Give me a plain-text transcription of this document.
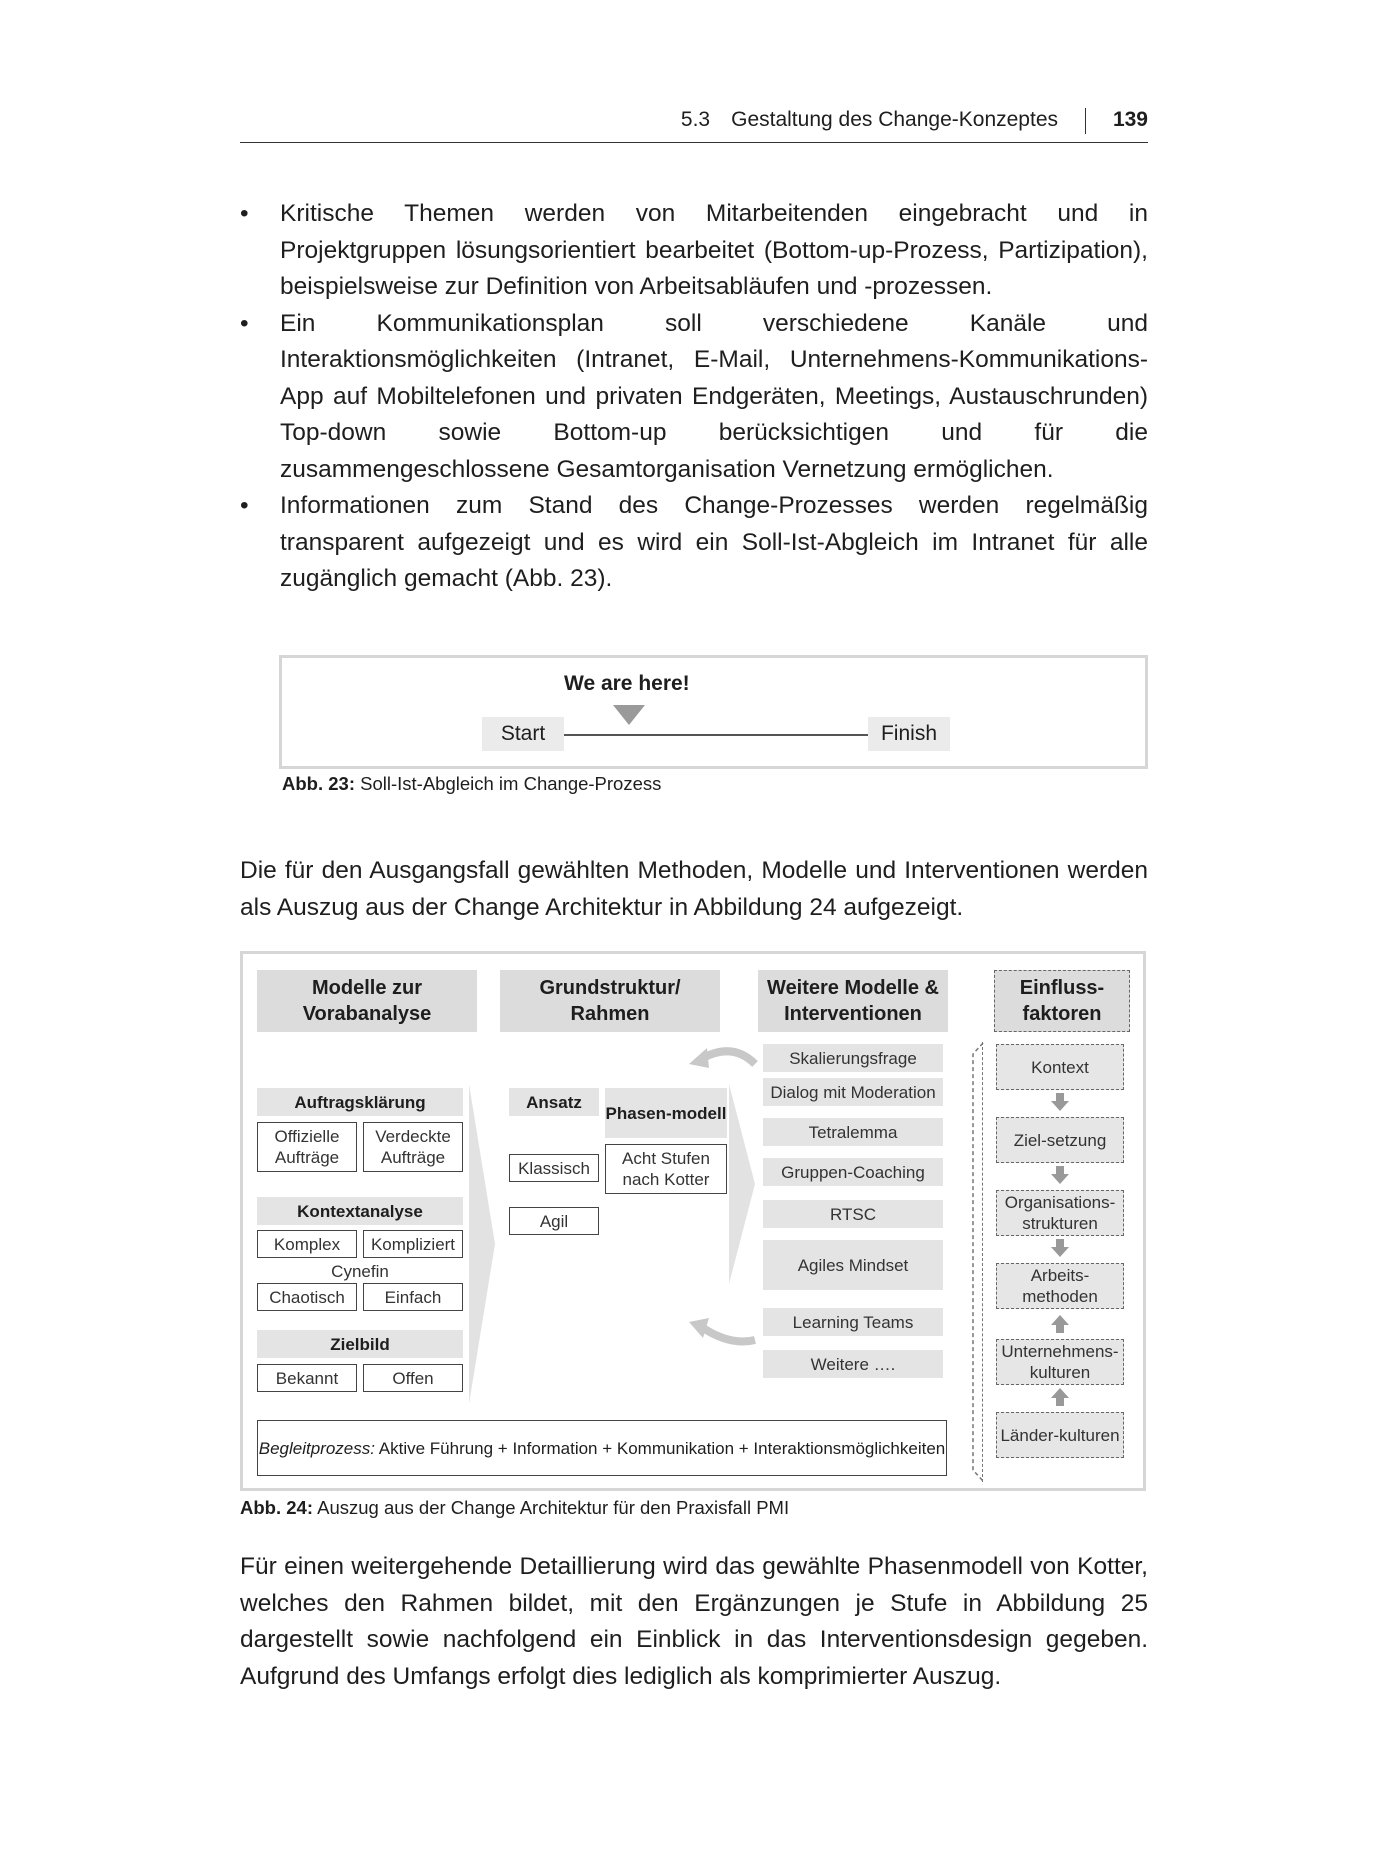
5.3 Gestaltung des Change-Konzeptes	139
• Kritische Themen werden von Mitarbeitenden eingebracht und in Projektgruppen lösungsorientiert bearbeitet (Bottom-up-Prozess, Partizipation), beispielsweise zur Definition von Arbeitsabläufen und -prozessen.
• Ein Kommunikationsplan soll verschiedene Kanäle und Interaktionsmöglichkeiten (Intranet, E-Mail, Unternehmens-Kommunikations-App auf Mobiltelefonen und privaten Endgeräten, Meetings, Austauschrunden) Top-down sowie Bottom-up berücksichtigen und für die zusammengeschlossene Gesamtorganisation Vernetzung ermöglichen.
• Informationen zum Stand des Change-Prozesses werden regelmäßig transparent aufgezeigt und es wird ein Soll-Ist-Abgleich im Intranet für alle zugänglich gemacht (Abb. 23).
We are here!
Start	Finish
Abb. 23: Soll-Ist-Abgleich im Change-Prozess
Die für den Ausgangsfall gewählten Methoden, Modelle und Interventionen werden als Auszug aus der Change Architektur in Abbildung 24 aufgezeigt.
Modelle zur Vorabanalyse
Grundstruktur/ Rahmen
Weitere Modelle & Interventionen
Einfluss-faktoren
Auftragsklärung
Offizielle Aufträge
Verdeckte Aufträge
Kontextanalyse
Komplex	Kompliziert
Cynefin
Chaotisch	Einfach
Zielbild
Bekannt	Offen
Ansatz
Phasen-modell
Klassisch	Acht Stufen nach Kotter
Agil
Skalierungsfrage
Dialog mit Moderation
Tetralemma
Gruppen-Coaching
RTSC
Agiles Mindset
Learning Teams
Weitere ….
Kontext
Ziel-setzung
Organisations-strukturen
Arbeits-methoden
Unternehmens-kulturen
Länder-kulturen
Begleitprozess: Aktive Führung + Information + Kommunikation + Interaktionsmöglichkeiten
Abb. 24: Auszug aus der Change Architektur für den Praxisfall PMI
Für einen weitergehende Detaillierung wird das gewählte Phasenmodell von Kotter, welches den Rahmen bildet, mit den Ergänzungen je Stufe in Abbildung 25 dargestellt sowie nachfolgend ein Einblick in das Interventionsdesign gegeben. Aufgrund des Umfangs erfolgt dies lediglich als komprimierter Auszug.
